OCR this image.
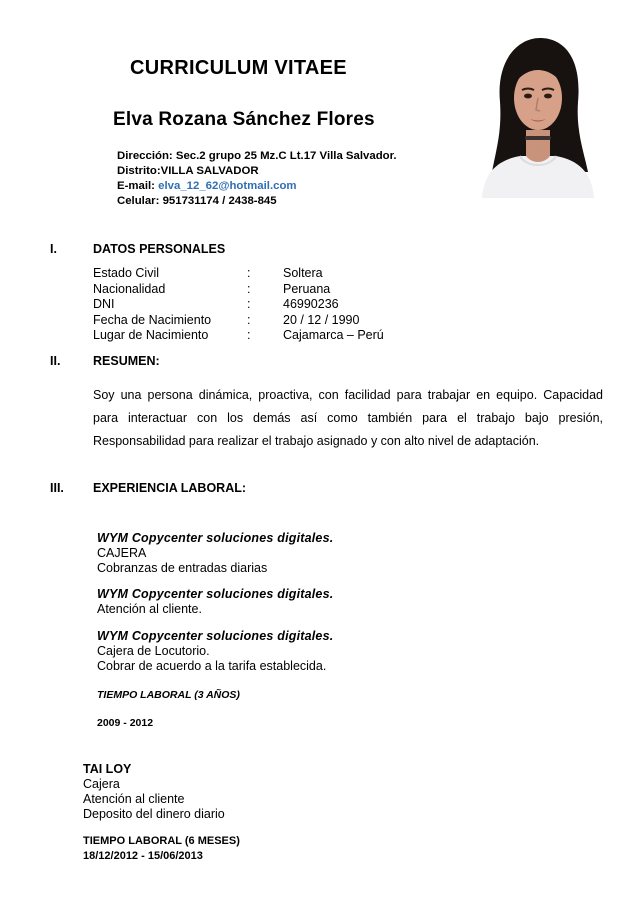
CURRICULUM VITAEE
Elva Rozana Sánchez Flores
Dirección: Sec.2 grupo 25 Mz.C Lt.17 Villa Salvador.
Distrito:VILLA SALVADOR
E-mail: elva_12_62@hotmail.com
Celular: 951731174 / 2438-845
I.	DATOS PERSONALES
Estado Civil	:	Soltera
Nacionalidad	:	Peruana
DNI	:	46990236
Fecha de Nacimiento	:	20 / 12 / 1990
Lugar de Nacimiento	:	Cajamarca – Perú
II.	RESUMEN:
Soy una persona dinámica, proactiva, con facilidad para trabajar en equipo. Capacidad para interactuar con los demás así como también para el trabajo bajo presión, Responsabilidad para realizar el trabajo asignado y con alto nivel de adaptación.
III. EXPERIENCIA LABORAL:
WYM Copycenter soluciones digitales.
CAJERA
Cobranzas de entradas diarias
WYM Copycenter soluciones digitales.
Atención al cliente.
WYM Copycenter soluciones digitales.
Cajera de Locutorio.
Cobrar de acuerdo a la tarifa establecida.
TIEMPO LABORAL (3 AÑOS)
2009 - 2012
TAI LOY
Cajera
Atención al cliente
Deposito del dinero diario
TIEMPO LABORAL (6 MESES)
18/12/2012 - 15/06/2013
